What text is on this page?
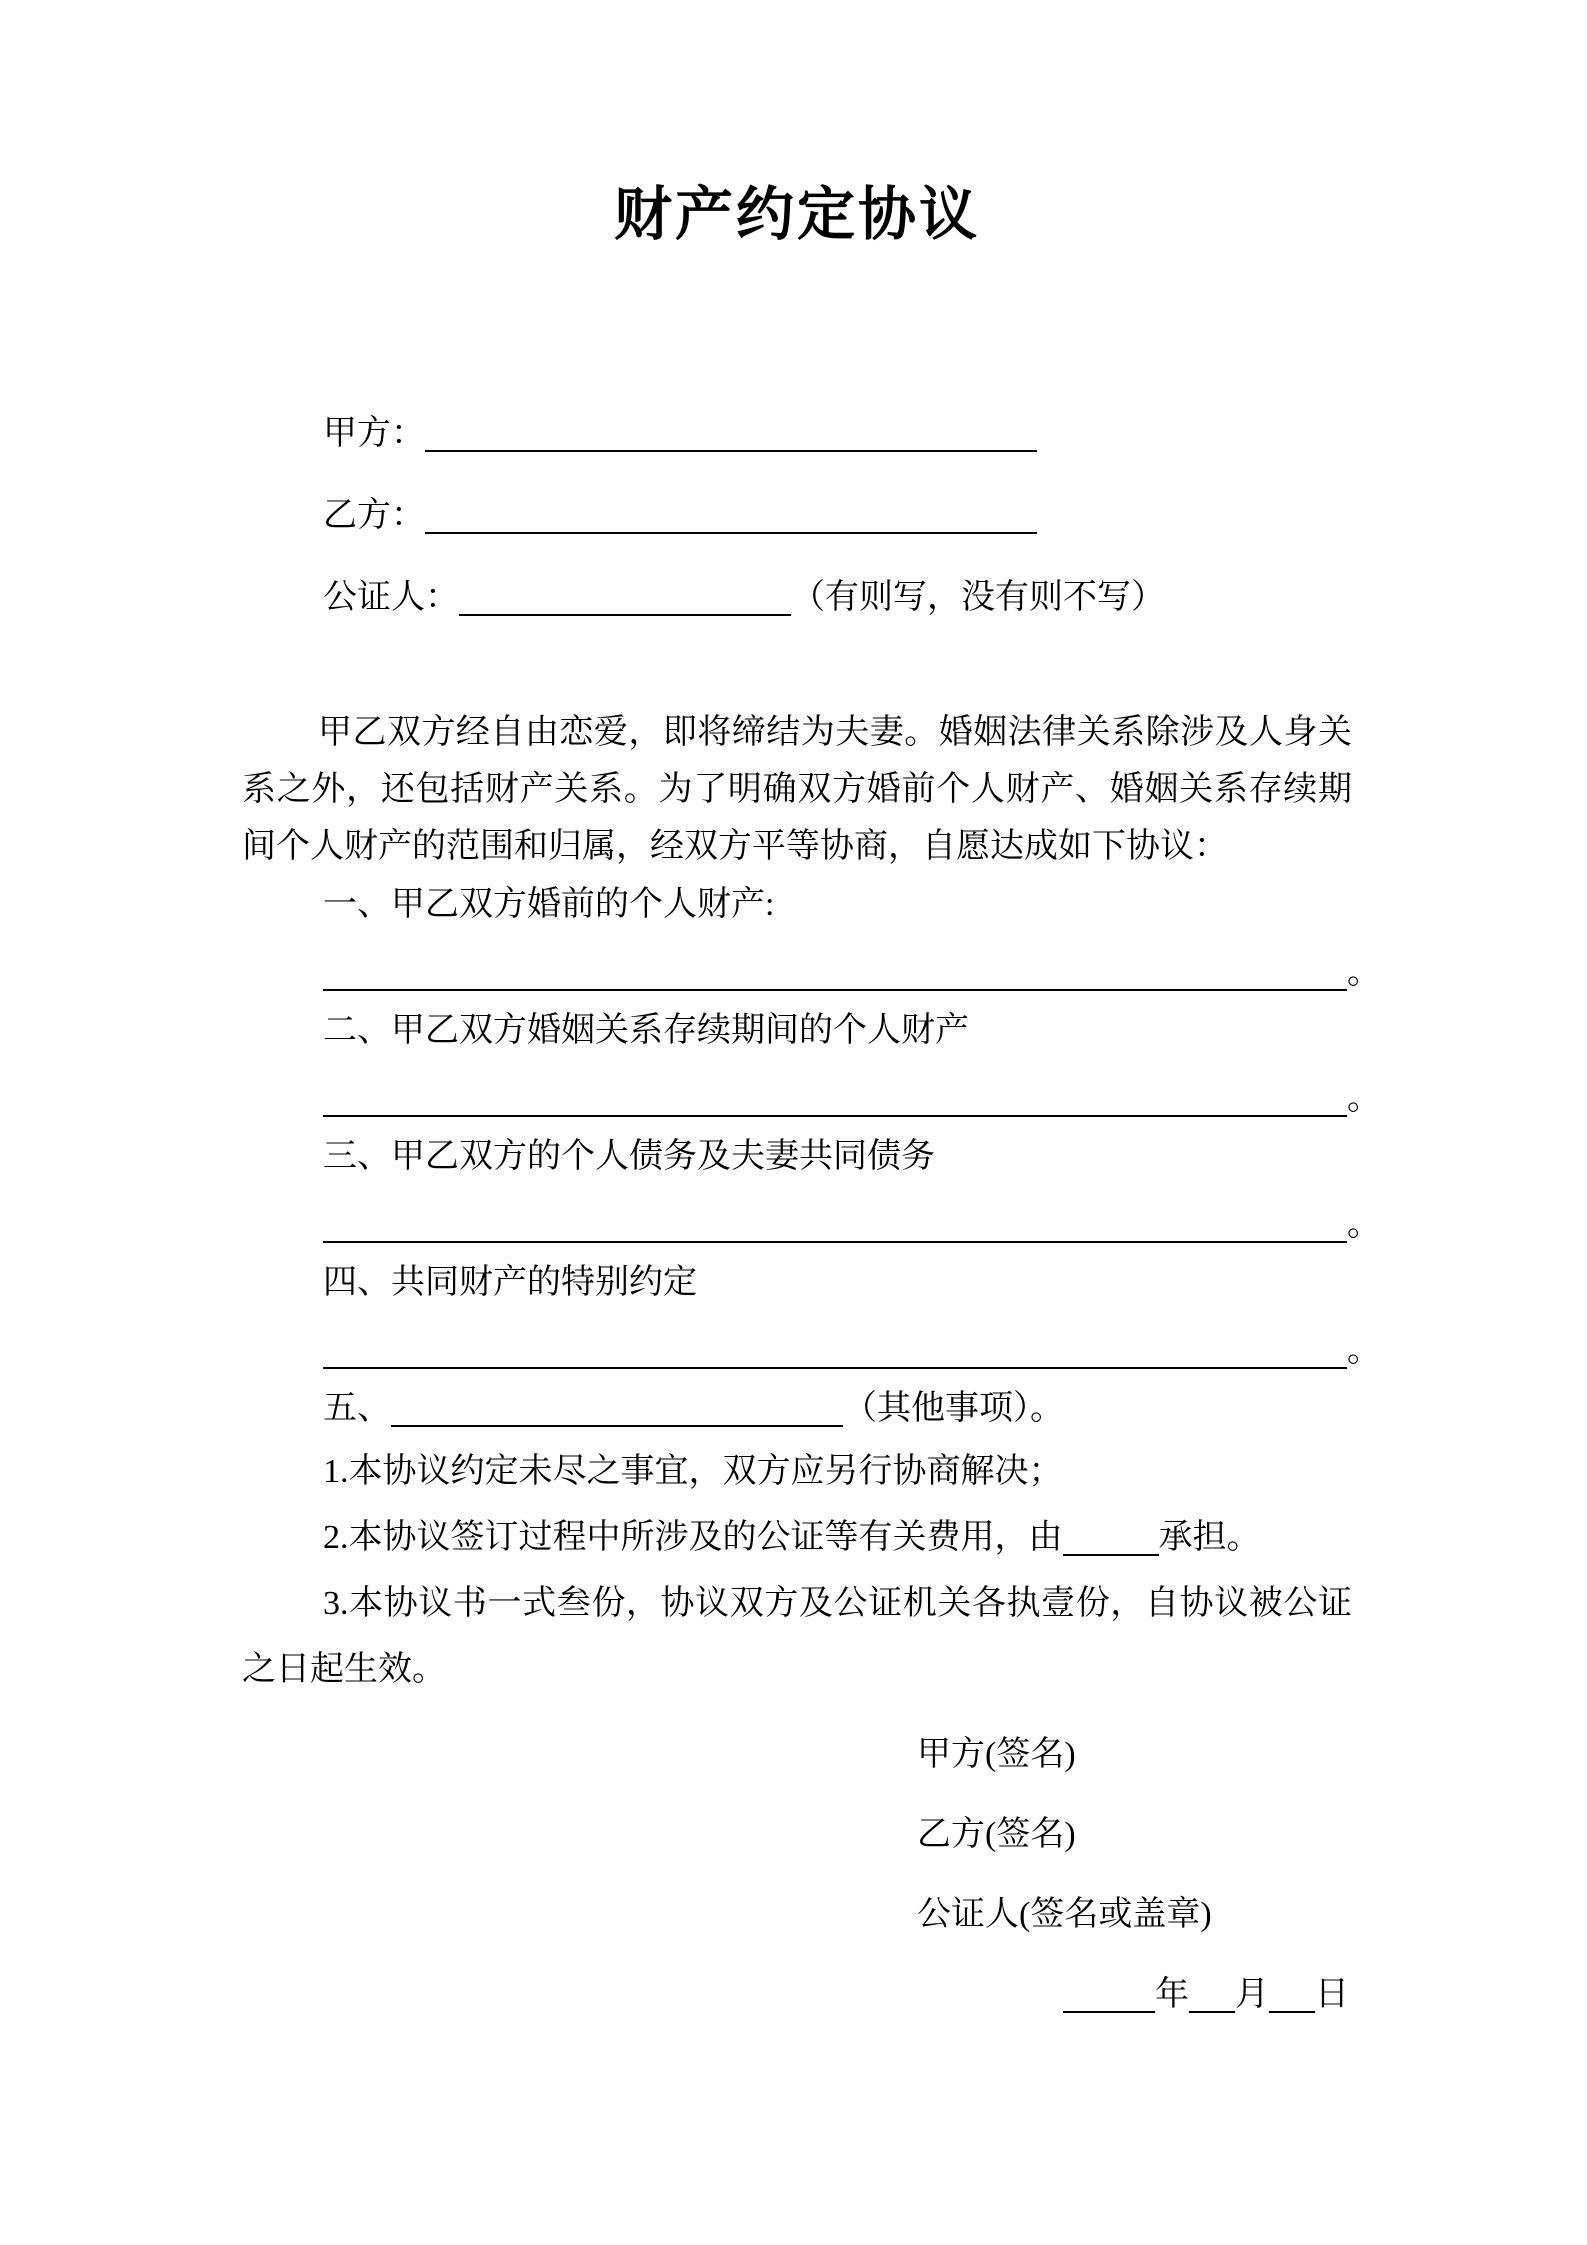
财产约定协议
甲方：
乙方：
公证人：	（有则写，没有则不写）

甲乙双方经自由恋爱，即将缔结为夫妻。婚姻法律关系除涉及人身关系之外，还包括财产关系。为了明确双方婚前个人财产、婚姻关系存续期间个人财产的范围和归属，经双方平等协商，自愿达成如下协议：

一、甲乙双方婚前的个人财产:
。
二、甲乙双方婚姻关系存续期间的个人财产
。
三、甲乙双方的个人债务及夫妻共同债务
。
四、共同财产的特别约定
。
五、	（其他事项）。
1.本协议约定未尽之事宜，双方应另行协商解决；
2.本协议签订过程中所涉及的公证等有关费用，由	承担。

3.本协议书一式叁份，协议双方及公证机关各执壹份，自协议被公证之日起生效。

甲方(签名)
乙方(签名)
公证人(签名或盖章)
年 月 日
